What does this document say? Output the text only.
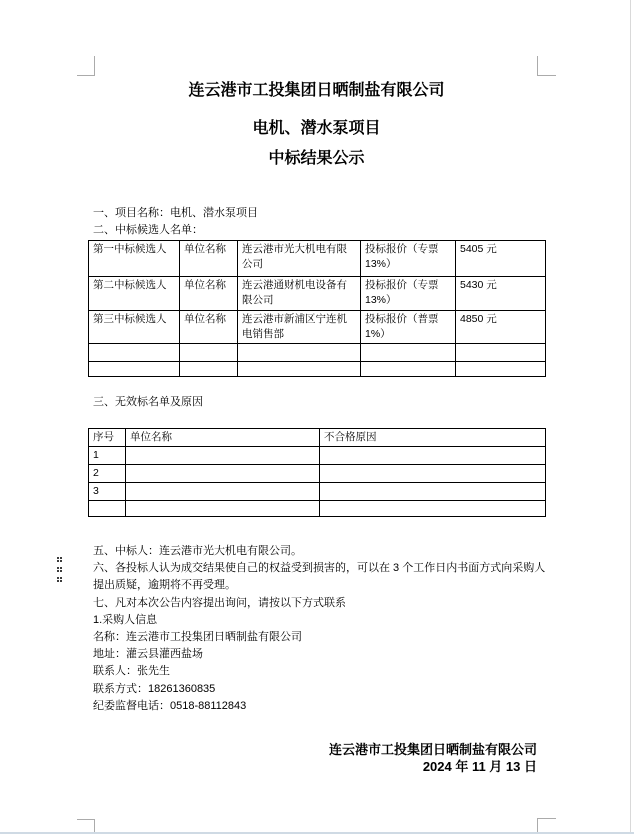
连云港市工投集团日晒制盐有限公司
电机、潜水泵项目
中标结果公示

一、项目名称：电机、潜水泵项目

二、中标候选人名单：

第一中标候选人	单位名称	连云港市光大机电有限公司	投标报价（专票13%）	5405 元
第二中标候选人	单位名称	连云港通财机电设备有限公司	投标报价（专票13%）	5430 元
第三中标候选人	单位名称	连云港市新浦区宁连机电销售部	投标报价（普票1%）	4850 元

三、无效标名单及原因

序号	单位名称	不合格原因
1		
2		
3		

五、中标人：连云港市光大机电有限公司。

六、各投标人认为成交结果使自己的权益受到损害的，可以在 3 个工作日内书面方式向采购人提出质疑，逾期将不再受理。

七、凡对本次公告内容提出询问，请按以下方式联系

1.采购人信息

名称：连云港市工投集团日晒制盐有限公司

地址：灌云县灌西盐场

联系人：张先生

联系方式：18261360835

纪委监督电话：0518-88112843

连云港市工投集团日晒制盐有限公司

2024 年 11 月 13 日
